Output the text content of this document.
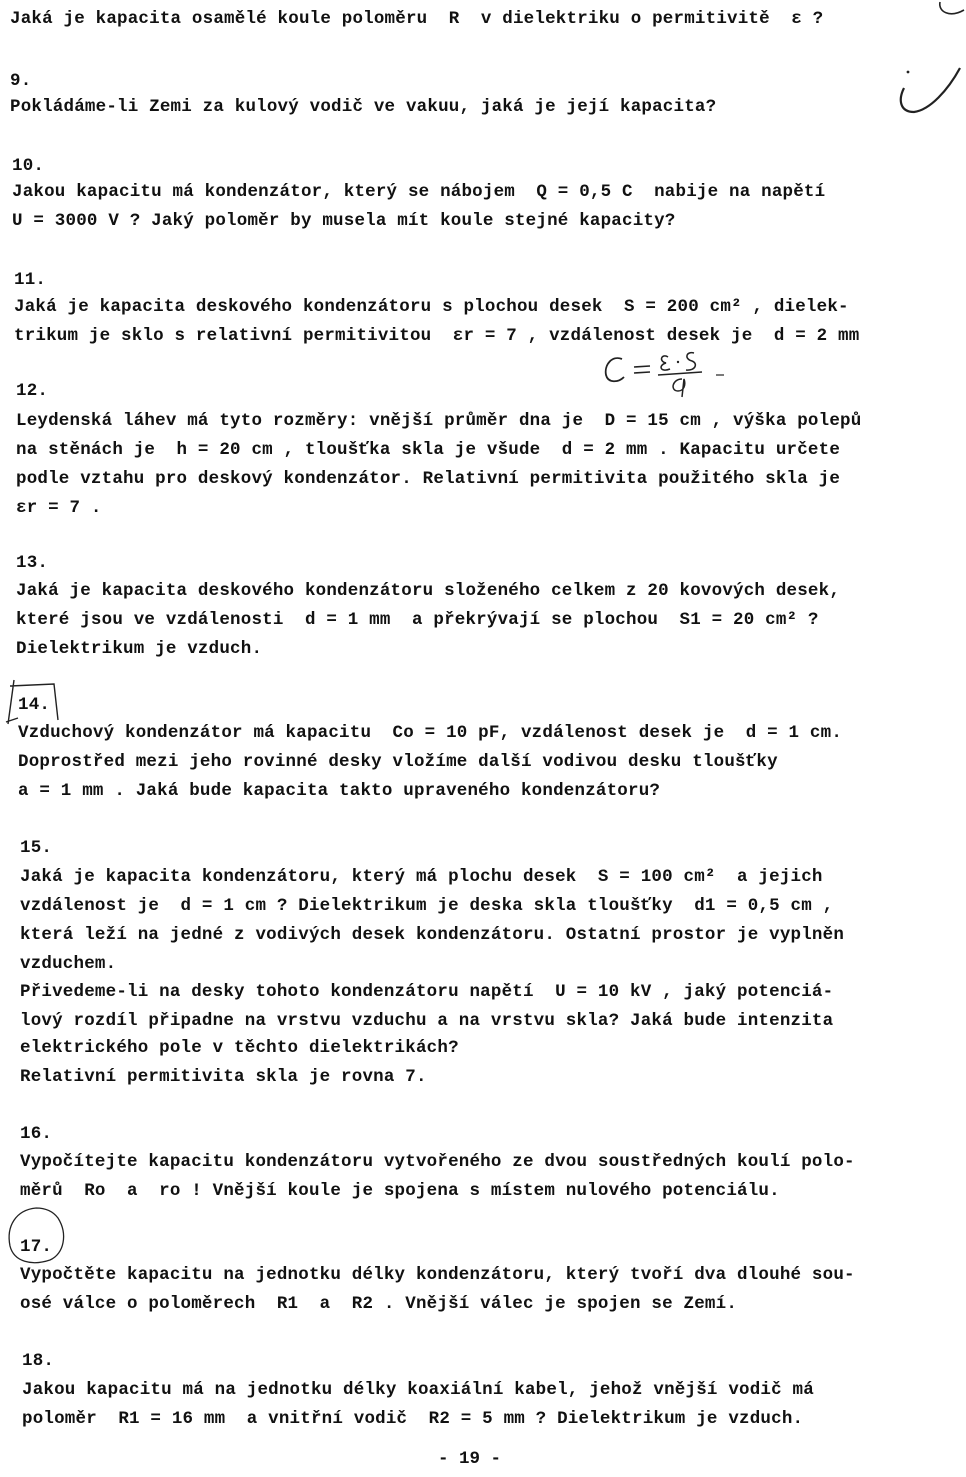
Jaká je kapacita osamělé koule poloměru  R  v dielektriku o permitivitě  ε ?
9.
Pokládáme-li Zemi za kulový vodič ve vakuu, jaká je její kapacita?
10.
Jakou kapacitu má kondenzátor, který se nábojem  Q = 0,5 C  nabije na napětí
U = 3000 V ? Jaký poloměr by musela mít koule stejné kapacity?
11.
Jaká je kapacita deskového kondenzátoru s plochou desek  S = 200 cm² , dielek-
trikum je sklo s relativní permitivitou  εr = 7 , vzdálenost desek je  d = 2 mm
12.
Leydenská láhev má tyto rozměry: vnější průměr dna je  D = 15 cm , výška polepů
na stěnách je  h = 20 cm , tloušťka skla je všude  d = 2 mm . Kapacitu určete
podle vztahu pro deskový kondenzátor. Relativní permitivita použitého skla je
εr = 7 .
13.
Jaká je kapacita deskového kondenzátoru složeného celkem z 20 kovových desek,
které jsou ve vzdálenosti  d = 1 mm  a překrývají se plochou  S1 = 20 cm² ?
Dielektrikum je vzduch.
14.
Vzduchový kondenzátor má kapacitu  Co = 10 pF, vzdálenost desek je  d = 1 cm.
Doprostřed mezi jeho rovinné desky vložíme další vodivou desku tloušťky
a = 1 mm . Jaká bude kapacita takto upraveného kondenzátoru?
15.
Jaká je kapacita kondenzátoru, který má plochu desek  S = 100 cm²  a jejich
vzdálenost je  d = 1 cm ? Dielektrikum je deska skla tloušťky  d1 = 0,5 cm ,
která leží na jedné z vodivých desek kondenzátoru. Ostatní prostor je vyplněn
vzduchem.
Přivedeme-li na desky tohoto kondenzátoru napětí  U = 10 kV , jaký potenciá-
lový rozdíl připadne na vrstvu vzduchu a na vrstvu skla? Jaká bude intenzita
elektrického pole v těchto dielektrikách?
Relativní permitivita skla je rovna 7.
16.
Vypočítejte kapacitu kondenzátoru vytvořeného ze dvou soustředných koulí polo-
měrů  Ro  a  ro ! Vnější koule je spojena s místem nulového potenciálu.
17.
Vypočtěte kapacitu na jednotku délky kondenzátoru, který tvoří dva dlouhé sou-
osé válce o poloměrech  R1  a  R2 . Vnější válec je spojen se Zemí.
18.
Jakou kapacitu má na jednotku délky koaxiální kabel, jehož vnější vodič má
poloměr  R1 = 16 mm  a vnitřní vodič  R2 = 5 mm ? Dielektrikum je vzduch.
- 19 -
